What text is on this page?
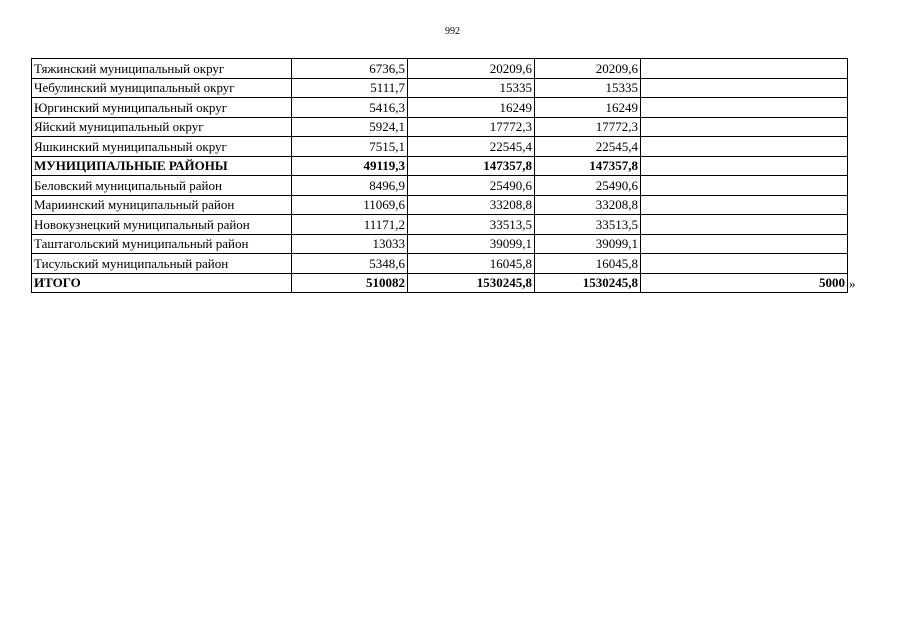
992
Тяжинский муниципальный округ	6736,5	20209,6	20209,6	
Чебулинский муниципальный округ	5111,7	15335	15335	
Юргинский муниципальный округ	5416,3	16249	16249	
Яйский муниципальный округ	5924,1	17772,3	17772,3	
Яшкинский муниципальный округ	7515,1	22545,4	22545,4	
МУНИЦИПАЛЬНЫЕ РАЙОНЫ	49119,3	147357,8	147357,8	
Беловский муниципальный район	8496,9	25490,6	25490,6	
Мариинский муниципальный район	11069,6	33208,8	33208,8	
Новокузнецкий муниципальный район	11171,2	33513,5	33513,5	
Таштагольский муниципальный район	13033	39099,1	39099,1	
Тисульский муниципальный район	5348,6	16045,8	16045,8	
ИТОГО	510082	1530245,8	1530245,8	5000 »
